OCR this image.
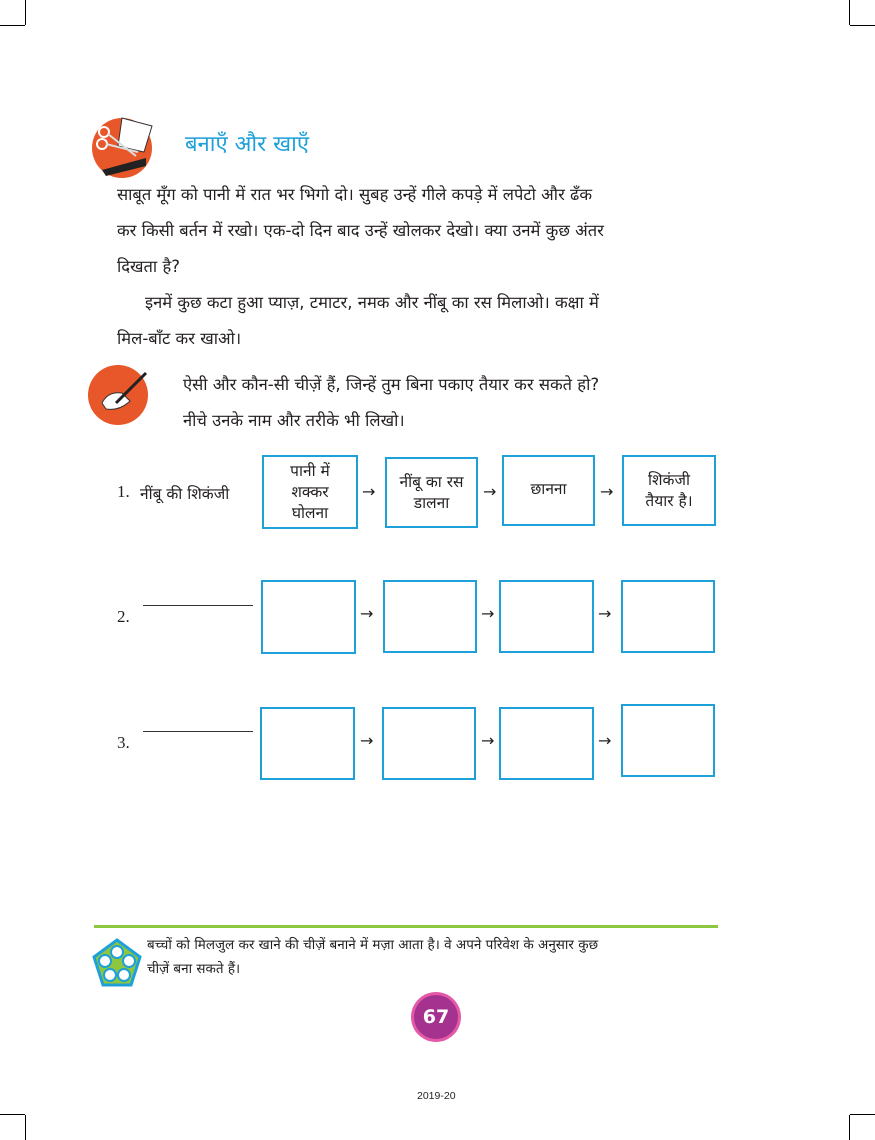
बनाएँ और खाएँ
साबूत मूँग को पानी में रात भर भिगो दो। सुबह उन्हें गीले कपड़े में लपेटो और ढँक
कर किसी बर्तन में रखो। एक-दो दिन बाद उन्हें खोलकर देखो। क्या उनमें कुछ अंतर
दिखता है?
इनमें कुछ कटा हुआ प्याज़, टमाटर, नमक और नींबू का रस मिलाओ। कक्षा में
मिल-बाँट कर खाओ।
ऐसी और कौन-सी चीज़ें हैं, जिन्हें तुम बिना पकाए तैयार कर सकते हो?
नीचे उनके नाम और तरीके भी लिखो।
1. नींबू की शिकंजी
पानी में शक्कर घोलना
→
नींबू का रस डालना
→	छानना	→
शिकंजी तैयार है।
2.	→	→	→
3.	→	→	→
बच्चों को मिलजुल कर खाने की चीज़ें बनाने में मज़ा आता है। वे अपने परिवेश के अनुसार कुछ
चीज़ें बना सकते हैं।
67
2019-20
